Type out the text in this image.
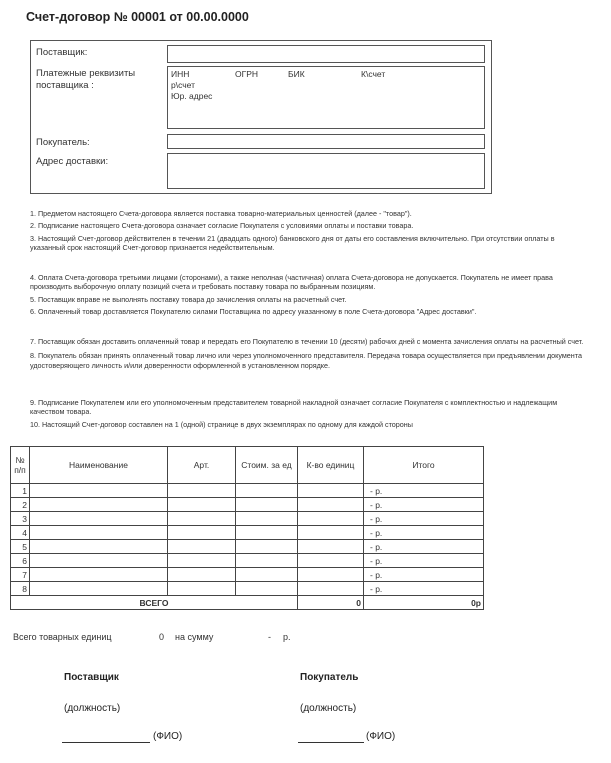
Счет-договор № 00001 от 00.00.0000
Поставщик:
Платежные реквизиты
поставщика :
ИНН	ОГРН	БИК	К\счет
р\счет
Юр. адрес
Покупатель:
Адрес доставки:

1. Предметом настоящего Счета-договора является поставка товарно-материальных ценностей (далее - "товар").

2. Подписание настоящего Счета-договора означает согласие Покупателя с условиями оплаты и поставки товара.

3. Настоящий Счет-договор действителен в течении 21 (двадцать одного) банковского дня от даты его составления включительно. При отсутствии оплаты в указанный срок настоящий Счет-договор признается недействительным.

4. Оплата Счета-договора третьими лицами (сторонами), а также неполная (частичная) оплата Счета-договора не допускается. Покупатель не имеет права производить выборочную оплату позиций счета и требовать поставку товара по выбранным позициям.

5. Поставщик вправе не выполнять поставку товара до зачисления оплаты на расчетный счет.

6. Оплаченный товар доставляется Покупателю силами Поставщика по адресу указанному в поле Счета-договора "Адрес доставки".

7. Поставщик обязан доставить оплаченный товар и передать его Покупателю в течении 10 (десяти) рабочих дней с момента зачисления оплаты на расчетный счет.

8. Покупатель обязан принять оплаченный товар лично или через уполномоченного представителя. Передача товара осуществляется при предъявлении документа удостоверяющего личность и/или доверенности оформленной в установленном порядке.

9. Подписание Покупателем или его уполномоченным представителем товарной накладной означает согласие Покупателя с комплектностью и надлежащим качеством товара.

10. Настоящий Счет-договор составлен на 1 (одной) странице в двух экземплярах по одному для каждой стороны

№ п/п	Наименование	Арт.	Стоим. за ед	К-во единиц	Итого
1					- р.
2					- р.
3					- р.
4					- р.
5					- р.
6					- р.
7					- р.
8					- р.
ВСЕГО				0	0р
Всего товарных единиц	0 на сумму	- р.
Поставщик	Покупатель
(должность)	(должность)
(ФИО)	(ФИО)
